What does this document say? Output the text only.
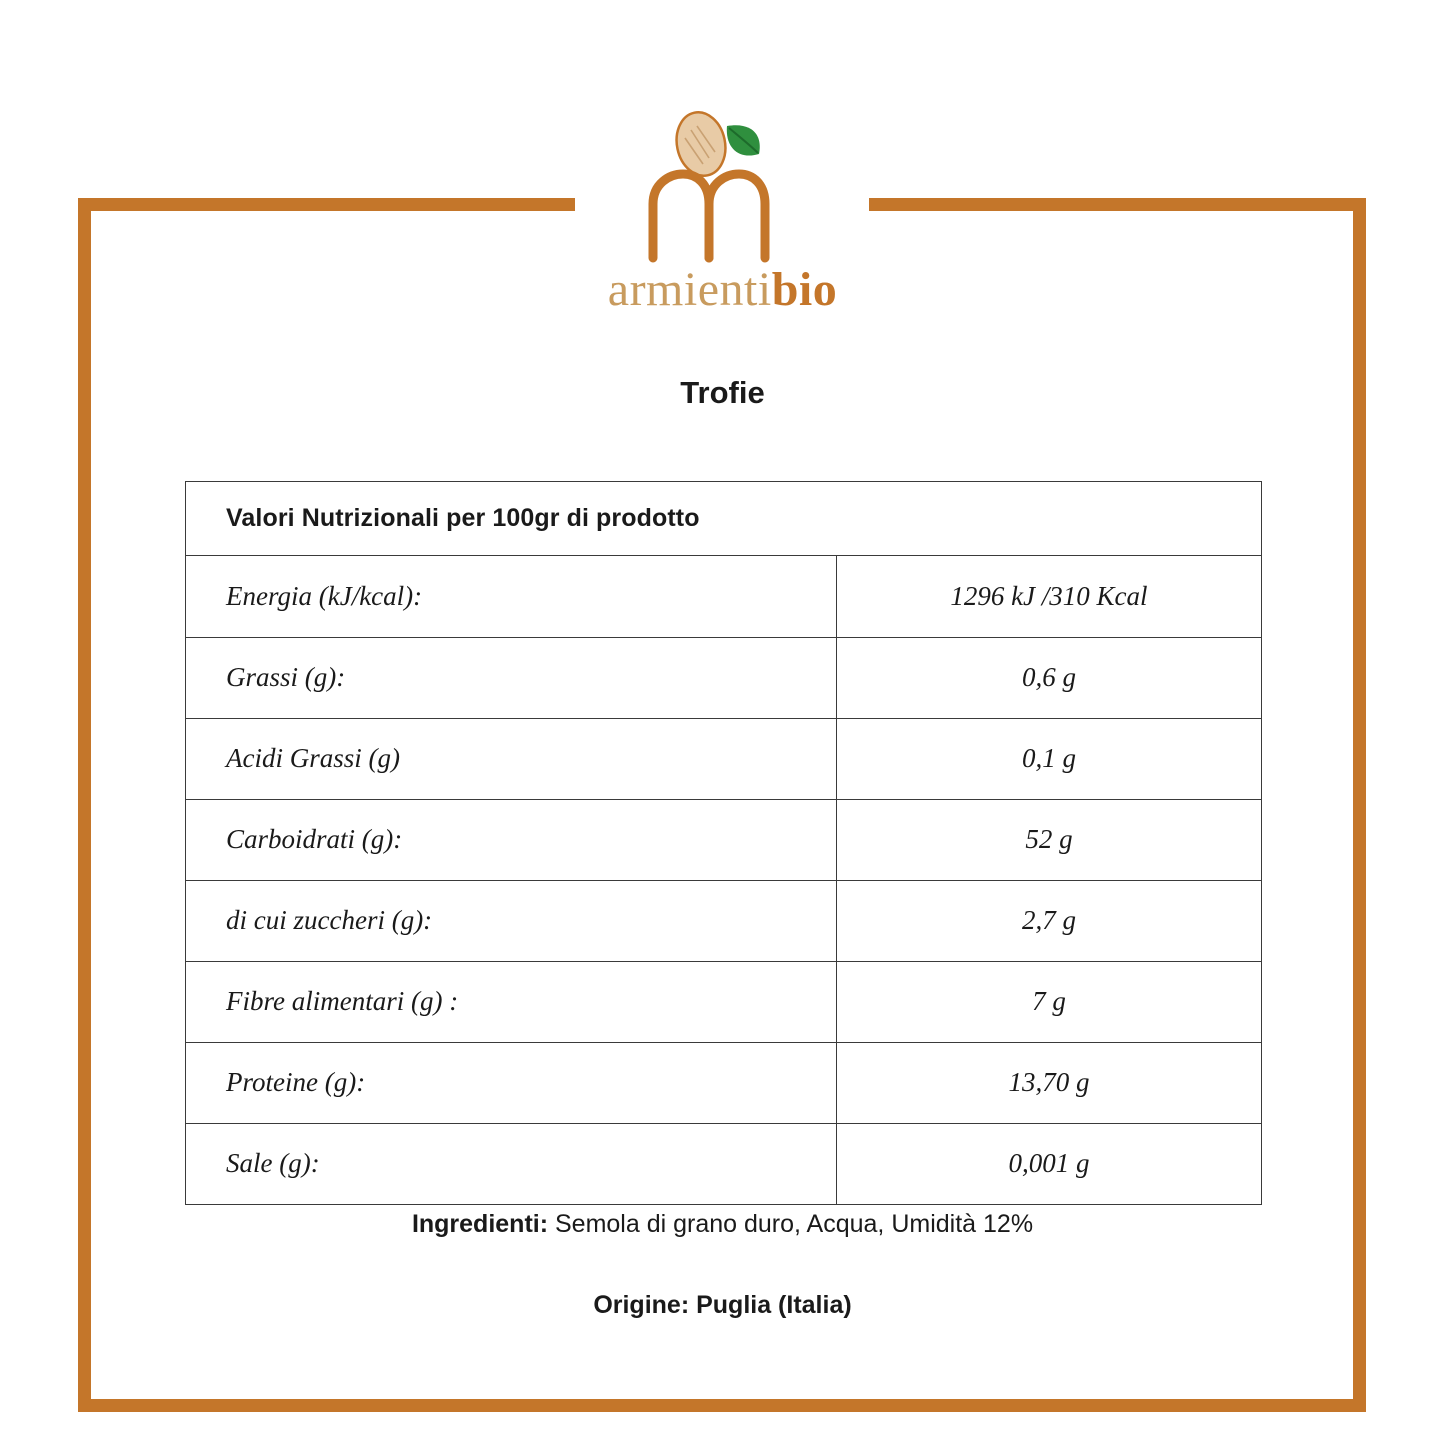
armientibio
Trofie
Valori Nutrizionali per 100gr di prodotto
Energia (kJ/kcal):	1296 kJ /310 Kcal
Grassi (g):	0,6 g
Acidi Grassi (g)	0,1 g
Carboidrati (g):	52 g
di cui zuccheri (g):	2,7 g
Fibre alimentari (g) :	7 g
Proteine (g):	13,70 g
Sale (g):	0,001 g
Ingredienti: Semola di grano duro, Acqua, Umidità 12%
Origine: Puglia (Italia)
